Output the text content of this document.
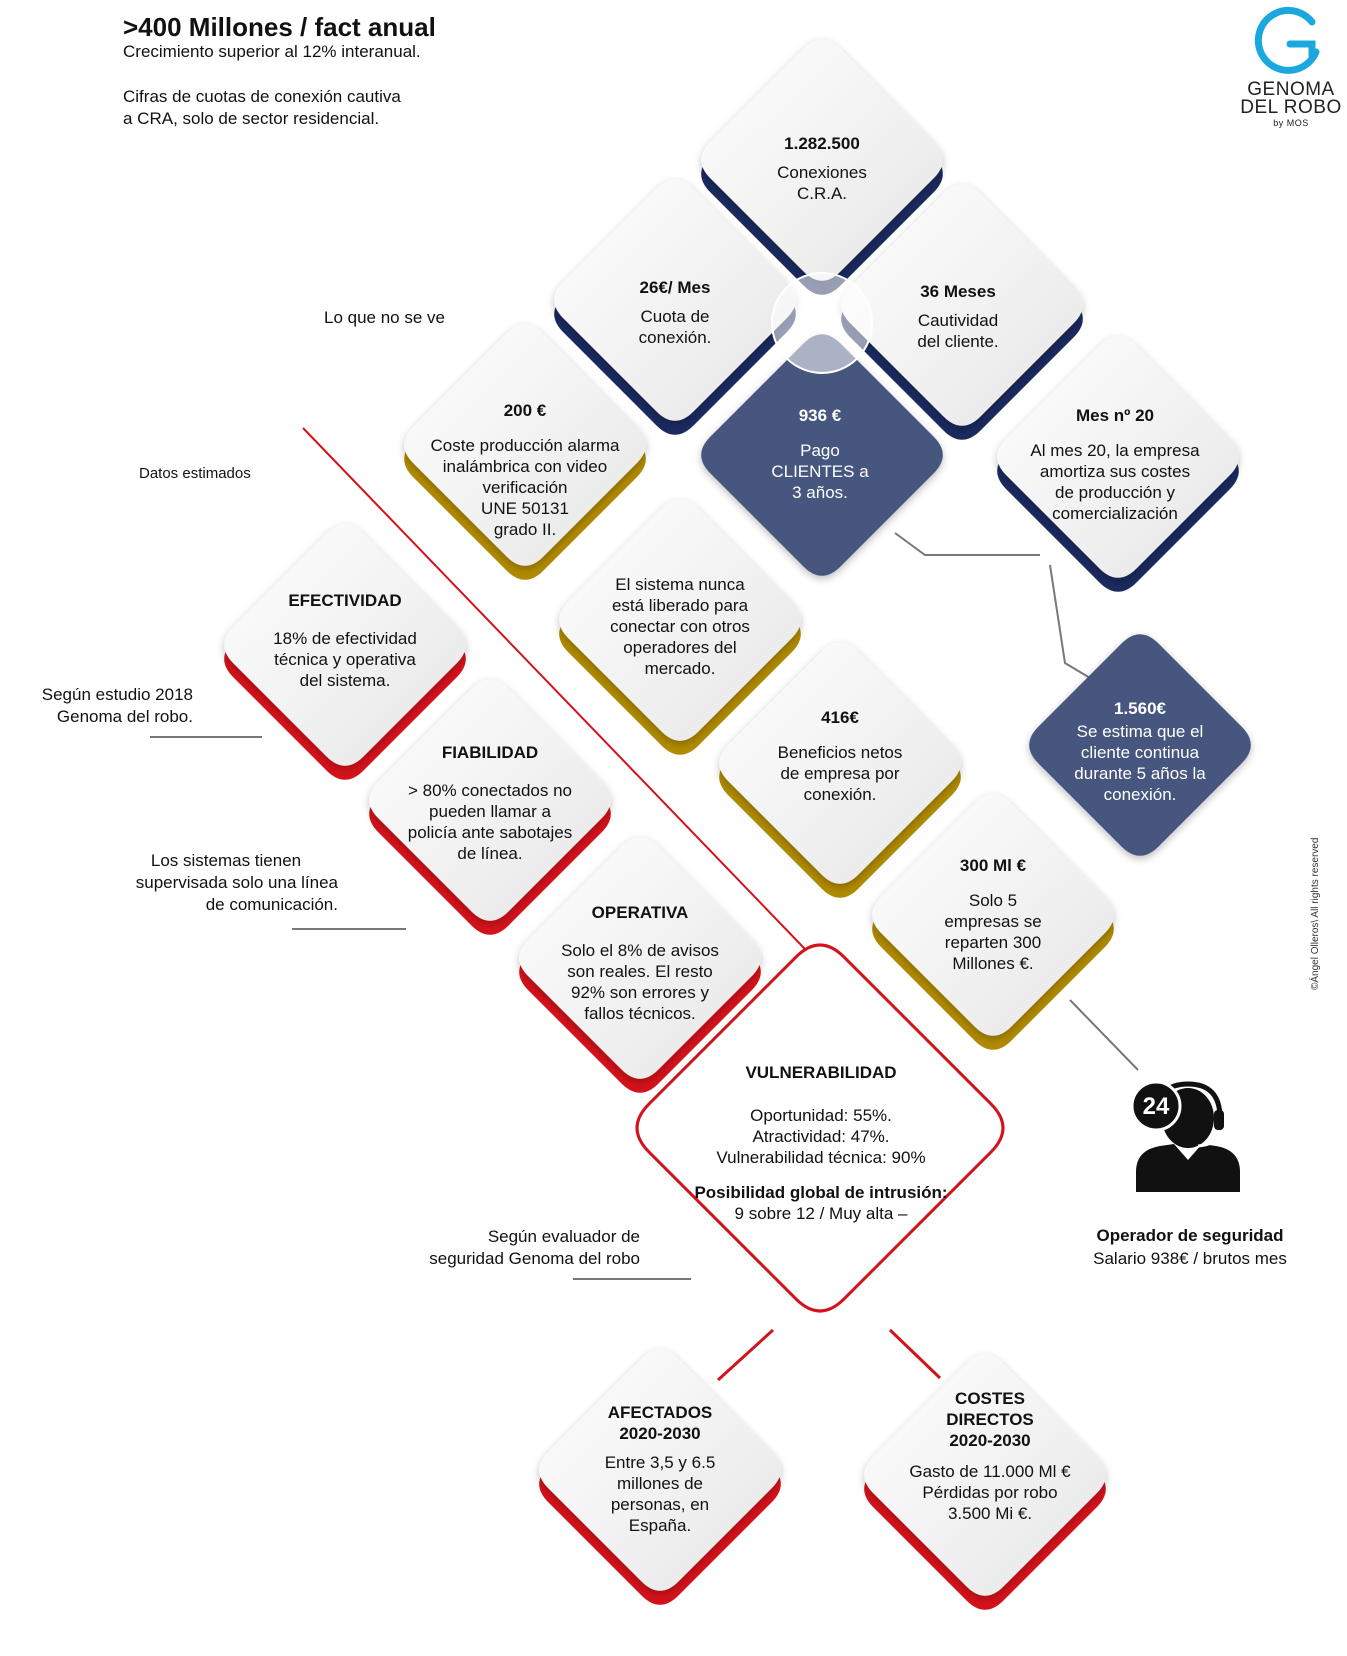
>400 Millones / fact anual
Crecimiento superior al 12% interanual.
Cifras de cuotas de conexión cautiva
a CRA, solo de sector residencial.
GENOMA
DEL ROBO
by MOS
Lo que no se ve
Datos estimados
Según estudio 2018
Genoma del robo.
Los sistemas tienen
supervisada solo una línea
de comunicación.
Según evaluador de
seguridad Genoma del robo
©Ángel Olleros\ All rights reserved
1.282.500
Conexiones
C.R.A.
26€/ Mes
Cuota de
conexión.
36 Meses
Cautividad
del cliente.
936 €
Pago
CLIENTES a
3 años.
200 €
Coste producción alarma
inalámbrica con video
verificación
UNE 50131
grado II.
Mes nº 20
Al mes 20, la empresa
amortiza sus costes
de producción y
comercialización
El sistema nunca
está liberado para
conectar con otros
operadores del
mercado.
1.560€
Se estima que el
cliente continua
durante 5 años la
conexión.
416€
Beneficios netos
de empresa por
conexión.
300 Ml €
Solo 5
empresas se
reparten 300
Millones €.
EFECTIVIDAD
18% de efectividad
técnica y operativa
del sistema.
FIABILIDAD
> 80% conectados no
pueden llamar a
policía ante sabotajes
de línea.
OPERATIVA
Solo el 8% de avisos
son reales. El resto
92% son errores y
fallos técnicos.
VULNERABILIDAD
Oportunidad: 55%.
Atractividad: 47%.
Vulnerabilidad técnica: 90%
Posibilidad global de intrusión:
9 sobre 12 / Muy alta –
AFECTADOS
2020-2030
Entre 3,5 y 6.5
millones de
personas, en
España.
COSTES
DIRECTOS
2020-2030
Gasto de 11.000 Ml €
Pérdidas por robo
3.500 Mi €.
24
Operador de seguridad
Salario 938€ / brutos mes
